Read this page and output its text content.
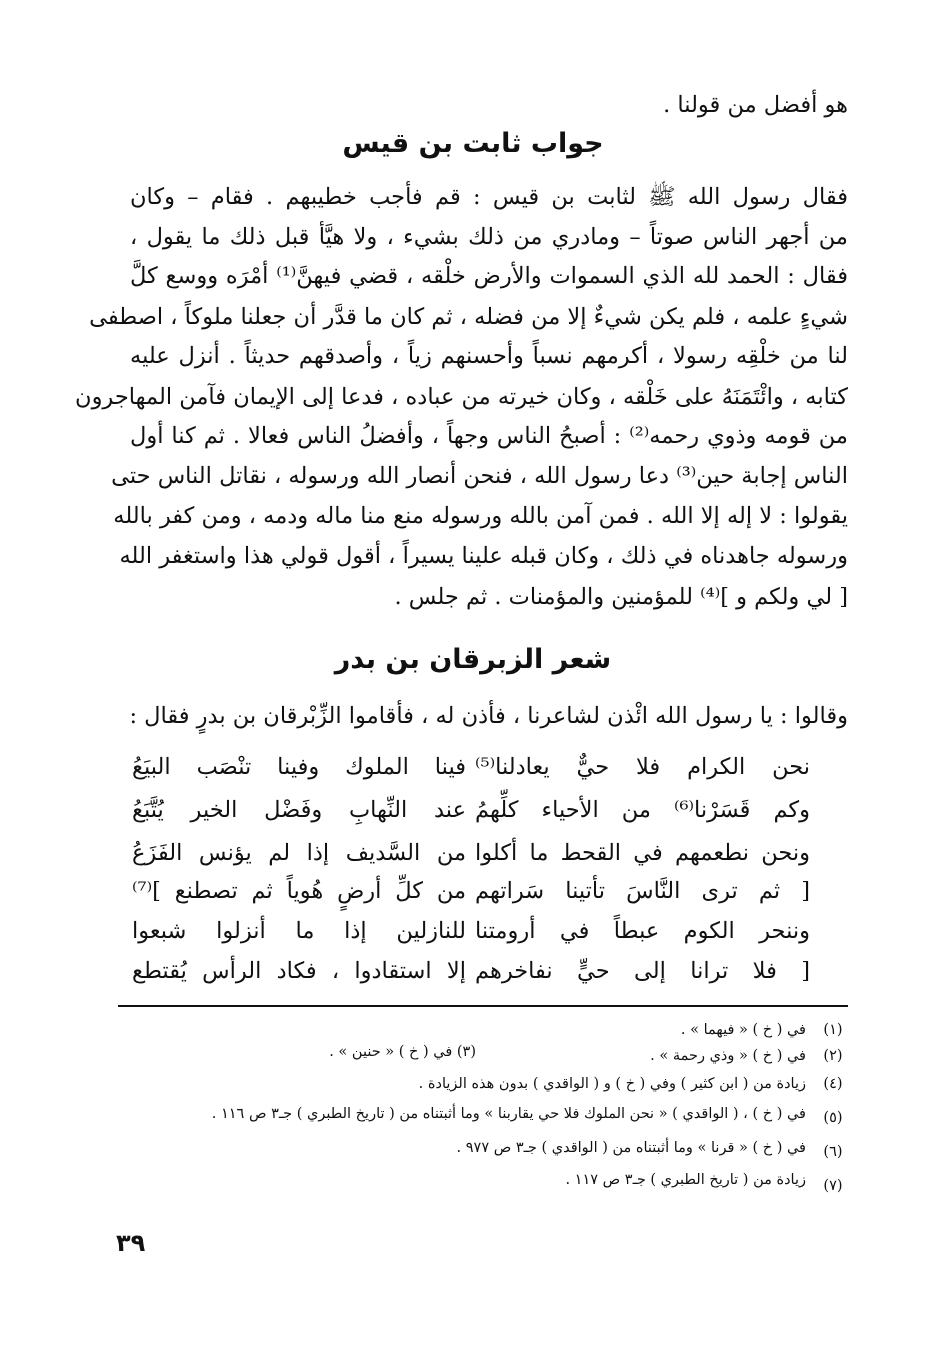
هو أفضل من قولنا .
جواب ثابت بن قيس
فقال رسول الله ﷺ لثابت بن قيس : قم فأجب خطيبهم . فقام – وكان
من أجهر الناس صوتاً – ومادري من ذلك بشيء ، ولا هيَّأ قبل ذلك ما يقول ،
فقال : الحمد لله الذي السموات والأرض خلْقه ، قضي فيهنَّ⁽¹⁾ أمْرَه ووسع كلَّ
شيءٍ علمه ، فلم يكن شيءٌ إلا من فضله ، ثم كان ما قدَّر أن جعلنا ملوكاً ، اصطفى
لنا من خلْقِه رسولا ، أكرمهم نسباً وأحسنهم زياً ، وأصدقهم حديثاً . أنزل عليه
كتابه ، وائْتَمَنَهُ على خَلْقه ، وكان خيرته من عباده ، فدعا إلى الإيمان فآمن المهاجرون
من قومه وذوي رحمه⁽²⁾ : أصبحُ الناس وجهاً ، وأفضلُ الناس فعالا . ثم كنا أول
الناس إجابة حين⁽³⁾ دعا رسول الله ، فنحن أنصار الله ورسوله ، نقاتل الناس حتى
يقولوا : لا إله إلا الله . فمن آمن بالله ورسوله منع منا ماله ودمه ، ومن كفر بالله
ورسوله جاهدناه في ذلك ، وكان قبله علينا يسيراً ، أقول قولي هذا واستغفر الله
[ لي ولكم و ]⁽⁴⁾ للمؤمنين والمؤمنات . ثم جلس .
شعر الزبرقان بن بدر
وقالوا : يا رسول الله ائْذن لشاعرنا ، فأذن له ، فأقاموا الزِّبْرقان بن بدرٍ فقال :
نحن الكرام فلا حيٌّ يعادلنا⁽⁵⁾
فينا الملوك وفينا تنْصَب البيَعُ
وكم قَسَرْنا⁽⁶⁾ من الأحياء كلِّهمُ
عند النِّهابِ وفَضْل الخير يُتَّبَعُ
ونحن نطعمهم في القحط ما أكلوا
من السَّديف إذا لم يؤنس الفَزَعُ
[ ثم ترى النَّاسَ تأتينا سَراتهم
من كلِّ أرضٍ هُوياً ثم تصطنع ]⁽⁷⁾
وننحر الكوم عبطاً في أرومتنا
للنازلين إذا ما أنزلوا شبعوا
[ فلا ترانا إلى حيٍّ نفاخرهم
إلا استقادوا ، فكاد الرأس يُقتطع
(١)
في ( خ ) « فيهما » .
(٢)
في ( خ ) « وذي رحمة » .
(٣) في ( خ ) « حنين » .
(٤)
زيادة من ( ابن كثير ) وفي ( خ ) و ( الواقدي ) بدون هذه الزيادة .
(٥)
في ( خ ) ، ( الواقدي ) « نحن الملوك فلا حي يقاربنا » وما أثبتناه من ( تاريخ الطبري ) جـ٣ ص ١١٦ .
(٦)
في ( خ ) « قرنا » وما أثبتناه من ( الواقدي ) جـ٣ ص ٩٧٧ .
(٧)
زيادة من ( تاريخ الطبري ) جـ٣ ص ١١٧ .
٣٩
